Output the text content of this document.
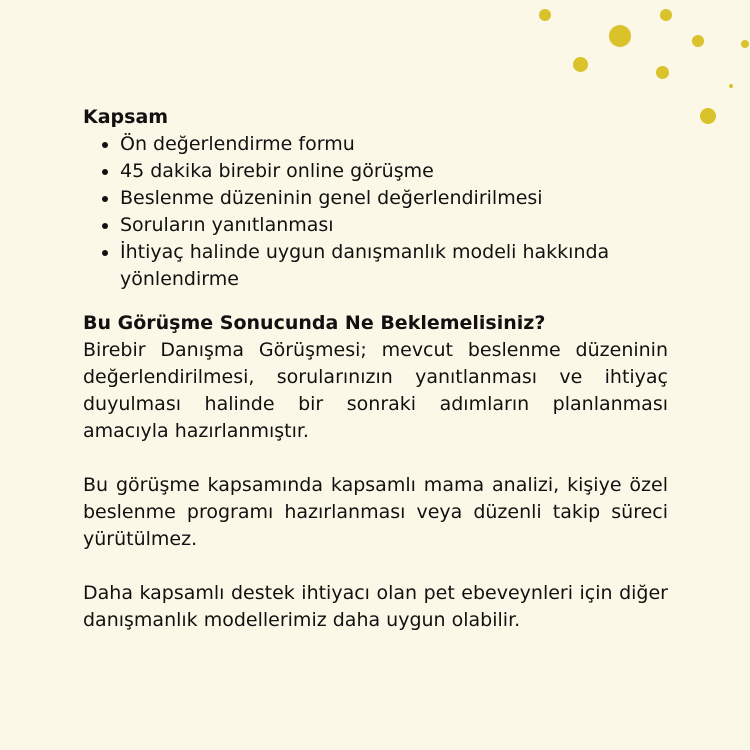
Kapsam
Ön değerlendirme formu
45 dakika birebir online görüşme
Beslenme düzeninin genel değerlendirilmesi
Soruların yanıtlanması
İhtiyaç halinde uygun danışmanlık modeli hakkında yönlendirme
Bu Görüşme Sonucunda Ne Beklemelisiniz?

Birebir Danışma Görüşmesi; mevcut beslenme düzeninin değerlendirilmesi, sorularınızın yanıtlanması ve ihtiyaç duyulması halinde bir sonraki adımların planlanması amacıyla hazırlanmıştır.

Bu görüşme kapsamında kapsamlı mama analizi, kişiye özel beslenme programı hazırlanması veya düzenli takip süreci yürütülmez.

Daha kapsamlı destek ihtiyacı olan pet ebeveynleri için diğer danışmanlık modellerimiz daha uygun olabilir.
